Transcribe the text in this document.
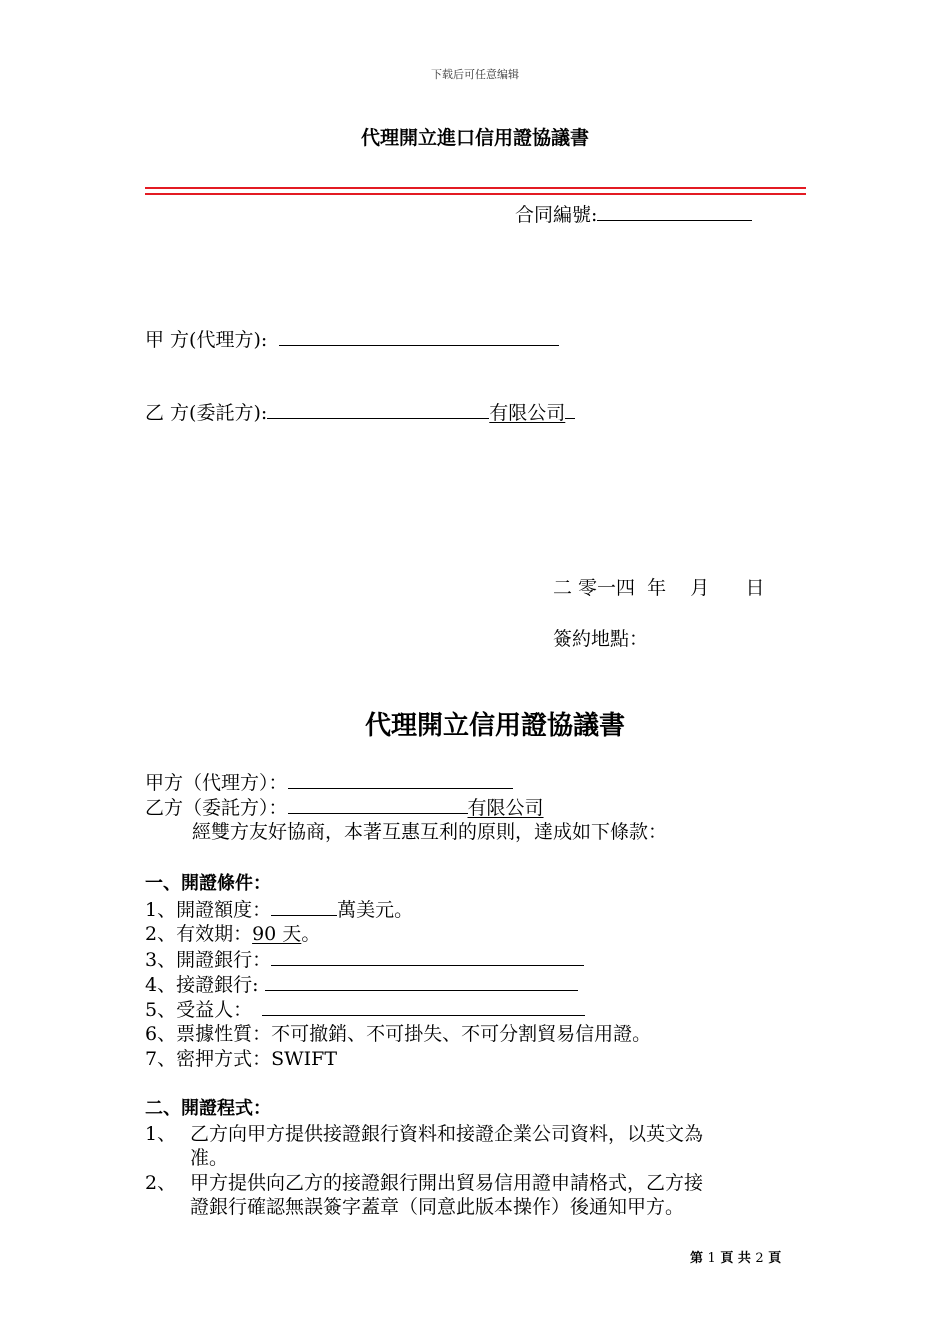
下载后可任意编辑
代理開立進口信用證協議書
合同編號:
甲 方(代理方):
乙 方(委託方):	有限公司
二 零一四  年    月      日
簽約地點：
代理開立信用證協議書
甲方（代理方）：
乙方（委託方）：	有限公司
經雙方友好協商，本著互惠互利的原則，達成如下條款：
一、開證條件：
1、開證額度：	萬美元。
2、有效期：90 天。
3、開證銀行：
4、接證銀行:
5、受益人：
6、票據性質：不可撤銷、不可掛失、不可分割貿易信用證。
7、密押方式：SWIFT
二、開證程式：
1、 乙方向甲方提供接證銀行資料和接證企業公司資料，以英文為
准。
2、 甲方提供向乙方的接證銀行開出貿易信用證申請格式，乙方接
證銀行確認無誤簽字蓋章（同意此版本操作）後通知甲方。
第 1 頁 共 2 頁
